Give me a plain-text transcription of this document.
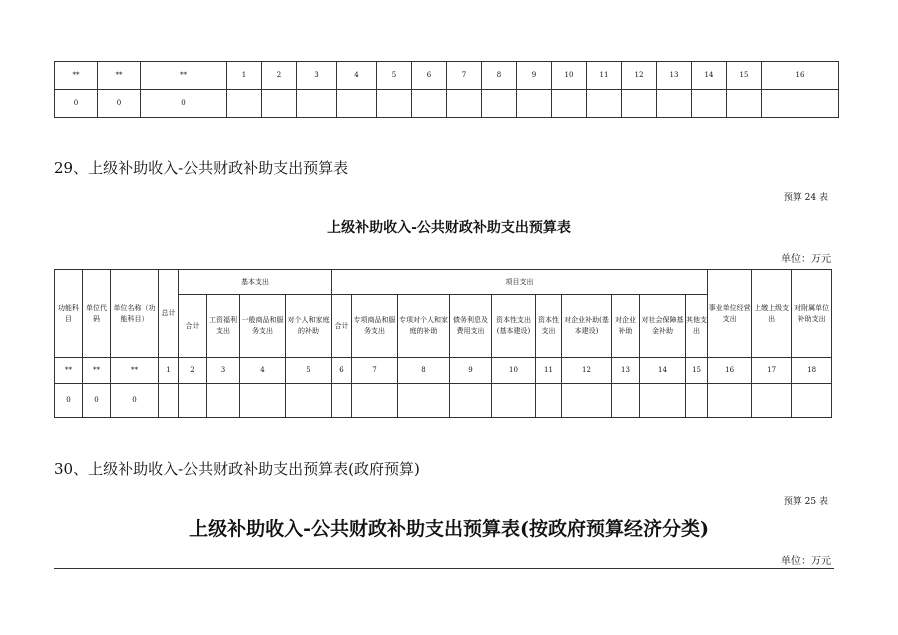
**	**	**	1	2	3	4	5	6	7	8	9	10	11	12	13	14	15	16
0	0	0																
29、上级补助收入-公共财政补助支出预算表
预算 24 表
上级补助收入-公共财政补助支出预算表
单位：万元
功能科目	单位代码	单位名称（功能科目）	总计	基本支出				项目支出										事业单位经营支出	上缴上级支出	对附属单位补助支出
				合计	工资福利支出	一般商品和服务支出	对个人和家庭的补助	合计	专项商品和服务支出	专项对个人和家庭的补助	债务利息及费用支出	资本性支出(基本建设)	资本性支出	对企业补助(基本建设)	对企业补助	对社会保障基金补助	其他支出			
**	**	**	1	2	3	4	5	6	7	8	9	10	11	12	13	14	15	16	17	18
0	0	0																		
30、上级补助收入-公共财政补助支出预算表(政府预算)
预算 25 表
上级补助收入-公共财政补助支出预算表(按政府预算经济分类)
单位：万元
